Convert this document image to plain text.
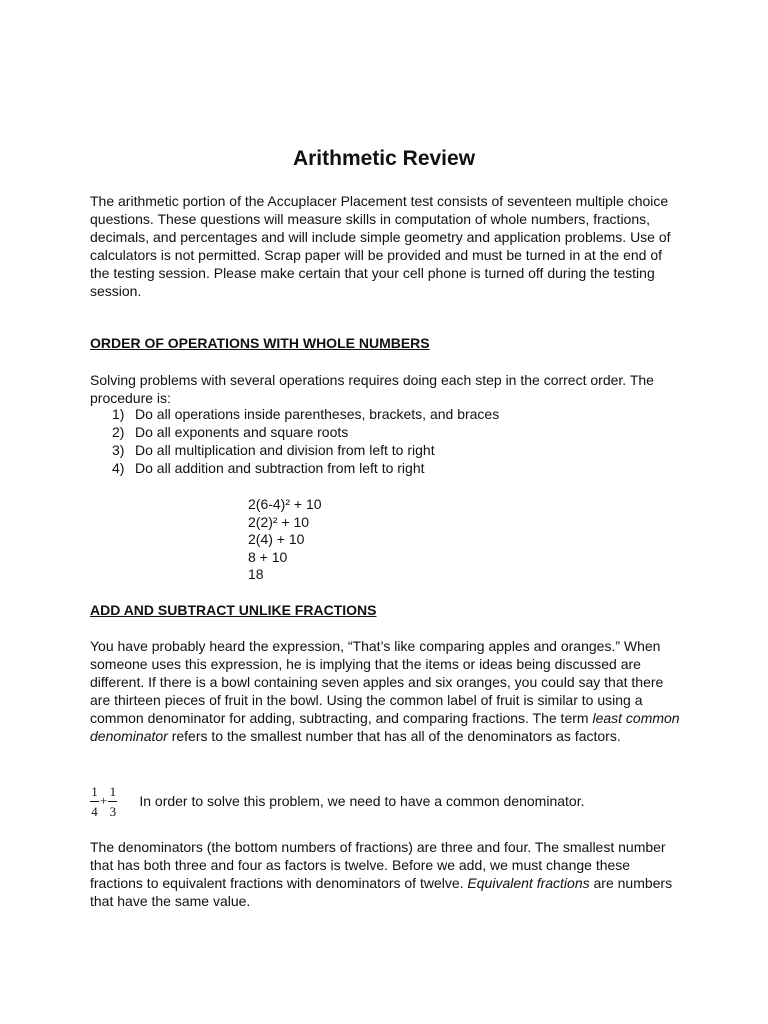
Arithmetic Review

The arithmetic portion of the Accuplacer Placement test consists of seventeen multiple choice questions. These questions will measure skills in computation of whole numbers, fractions, decimals, and percentages and will include simple geometry and application problems. Use of calculators is not permitted. Scrap paper will be provided and must be turned in at the end of the testing session. Please make certain that your cell phone is turned off during the testing session.

ORDER OF OPERATIONS WITH WHOLE NUMBERS

Solving problems with several operations requires doing each step in the correct order. The procedure is:

1) Do all operations inside parentheses, brackets, and braces
2) Do all exponents and square roots
3) Do all multiplication and division from left to right
4) Do all addition and subtraction from left to right
2(6-4)² + 10
2(2)² + 10
2(4) + 10
8 + 10
18

ADD AND SUBTRACT UNLIKE FRACTIONS

You have probably heard the expression, “That’s like comparing apples and oranges.” When someone uses this expression, he is implying that the items or ideas being discussed are different. If there is a bowl containing seven apples and six oranges, you could say that there are thirteen pieces of fruit in the bowl. Using the common label of fruit is similar to using a common denominator for adding, subtracting, and comparing fractions. The term least common denominator refers to the smallest number that has all of the denominators as factors.

$\frac{1}{4} + \frac{1}{3}$ In order to solve this problem, we need to have a common denominator.

The denominators (the bottom numbers of fractions) are three and four. The smallest number that has both three and four as factors is twelve. Before we add, we must change these fractions to equivalent fractions with denominators of twelve. Equivalent fractions are numbers that have the same value.
